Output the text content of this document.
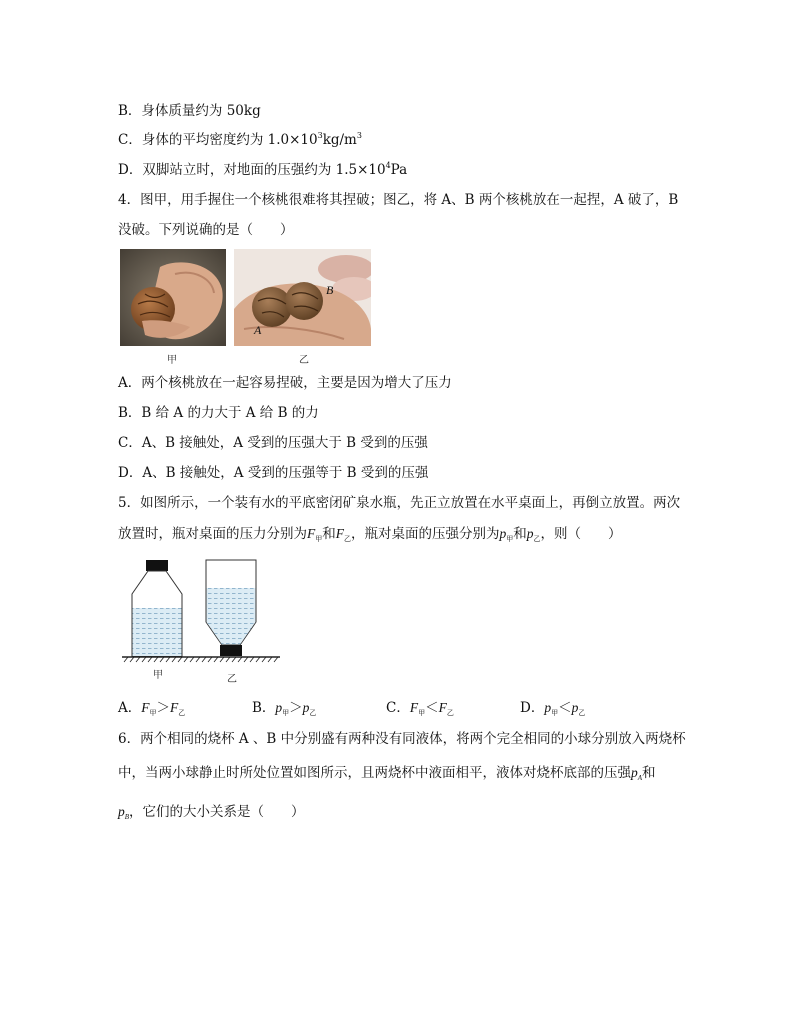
B．身体质量约为 50kg
C．身体的平均密度约为 $1.0\times 10^3kg/m^3$
D．双脚站立时，对地面的压强约为 $1.5\times 10^4Pa$
4．图甲，用手握住一个核桃很难将其捏破；图乙，将 A、B 两个核桃放在一起捏，A 破了，B
没破。下列说确的是（　　）
甲
A
B
乙
A．两个核桃放在一起容易捏破，主要是因为增大了压力
B．B 给 A 的力大于 A 给 B 的力
C．A、B 接触处，A 受到的压强大于 B 受到的压强
D．A、B 接触处，A 受到的压强等于 B 受到的压强
5．如图所示，一个装有水的平底密闭矿泉水瓶，先正立放置在水平桌面上，再倒立放置。两次
放置时，瓶对桌面的压力分别为$F_甲$和$F_乙$，瓶对桌面的压强分别为$p_甲$和$p_乙$，则（　　）
甲	乙
A．$F_甲>F_乙$	B．$p_甲>p_乙$	C．$F_甲<F_乙$	D．$p_甲<p_乙$
6．两个相同的烧杯 A 、B 中分别盛有两种没有同液体，将两个完全相同的小球分别放入两烧杯
中，当两小球静止时所处位置如图所示，且两烧杯中液面相平，液体对烧杯底部的压强$p_A$和
$p_B$，它们的大小关系是（　　）
